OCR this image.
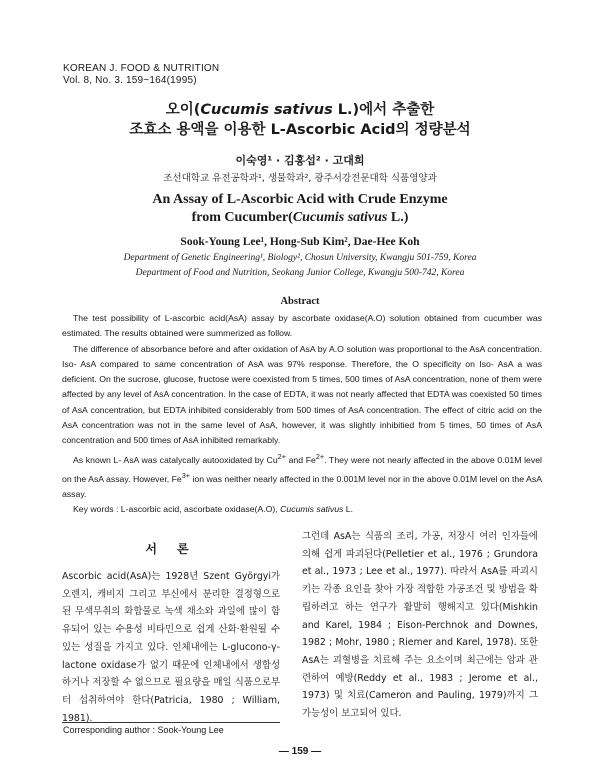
KOREAN J. FOOD & NUTRITION
Vol. 8, No. 3. 159~164(1995)
오이(Cucumis sativus L.)에서 추출한
조효소 용액을 이용한 L-Ascorbic Acid의 정량분석
이숙영¹ · 김홍섭² · 고대희
조선대학교 유전공학과¹, 생물학과², 광주서강전문대학 식품영양과
An Assay of L-Ascorbic Acid with Crude Enzyme
from Cucumber(Cucumis sativus L.)
Sook-Young Lee¹, Hong-Sub Kim², Dae-Hee Koh
Department of Genetic Engineering¹, Biology², Chosun University, Kwangju 501-759, Korea
Department of Food and Nutrition, Seokang Junior College, Kwangju 500-742, Korea
Abstract

The test possibility of L-ascorbic acid(AsA) assay by ascorbate oxidase(A.O) solution obtained from cucumber was estimated. The results obtained were summerized as follow.

The difference of absorbance before and after oxidation of AsA by A.O solution was proportional to the AsA concentration. Iso- AsA compared to same concentration of AsA was 97% response. Therefore, the O specificity on Iso- AsA a was deficient. On the sucrose, glucose, fructose were coexisted from 5 times, 500 times of AsA concentration, none of them were affected by any level of AsA concentration. In the case of EDTA, it was not nearly affected that EDTA was coexisted 50 times of AsA concentration, but EDTA inhibited considerably from 500 times of AsA concentration. The effect of citric acid on the AsA concentration was not in the same level of AsA, however, it was slightly inhibitied from 5 times, 50 times of AsA concentration and 500 times of AsA inhibited remarkably.

As known L- AsA was catalycally autooxidated by $Cu^{2+}$ and $Fe^{2+}$. They were not nearly affected in the above 0.01M level on the AsA assay. However, $Fe^{3+}$ ion was neither nearly affected in the 0.001M level nor in the above 0.01M level on the AsA assay.

Key words : L-ascorbic acid, ascorbate oxidase(A.O), Cucumis sativus L.

서 론
Ascorbic acid(AsA)는 1928년 Szent Györgyi가 오렌지, 캐비지 그리고 부신에서 분리한 결정형으로 된 무색무취의 화합물로 녹색 채소와 과일에 많이 함유되어 있는 수용성 비타민으로 쉽게 산화·환원될 수 있는 성질을 가지고 있다. 인체내에는 L-glucono-γ-lactone oxidase가 없기 때문에 인체내에서 생합성하거나 저장할 수 없으므로 필요량을 매일 식품으로부터 섭취하여야 한다(Patricia, 1980 ; William, 1981).
그런데 AsA는 식품의 조리, 가공, 저장시 여러 인자들에 의해 쉽게 파괴된다(Pelletier et al., 1976 ; Grundora et al., 1973 ; Lee et al., 1977). 따라서 AsA를 파괴시키는 각종 요인을 찾아 가장 적합한 가공조건 및 방법을 확립하려고 하는 연구가 활발히 행해지고 있다(Mishkin and Karel, 1984 ; Eison-Perchnok and Downes, 1982 ; Mohr, 1980 ; Riemer and Karel, 1978). 또한 AsA는 괴혈병을 치료해 주는 요소이며 최근에는 암과 관련하여 예방(Reddy et al., 1983 ; Jerome et al., 1973) 및 치료(Cameron and Pauling, 1979)까지 그 가능성이 보고되어 있다.
Corresponding author : Sook-Young Lee
— 159 —
